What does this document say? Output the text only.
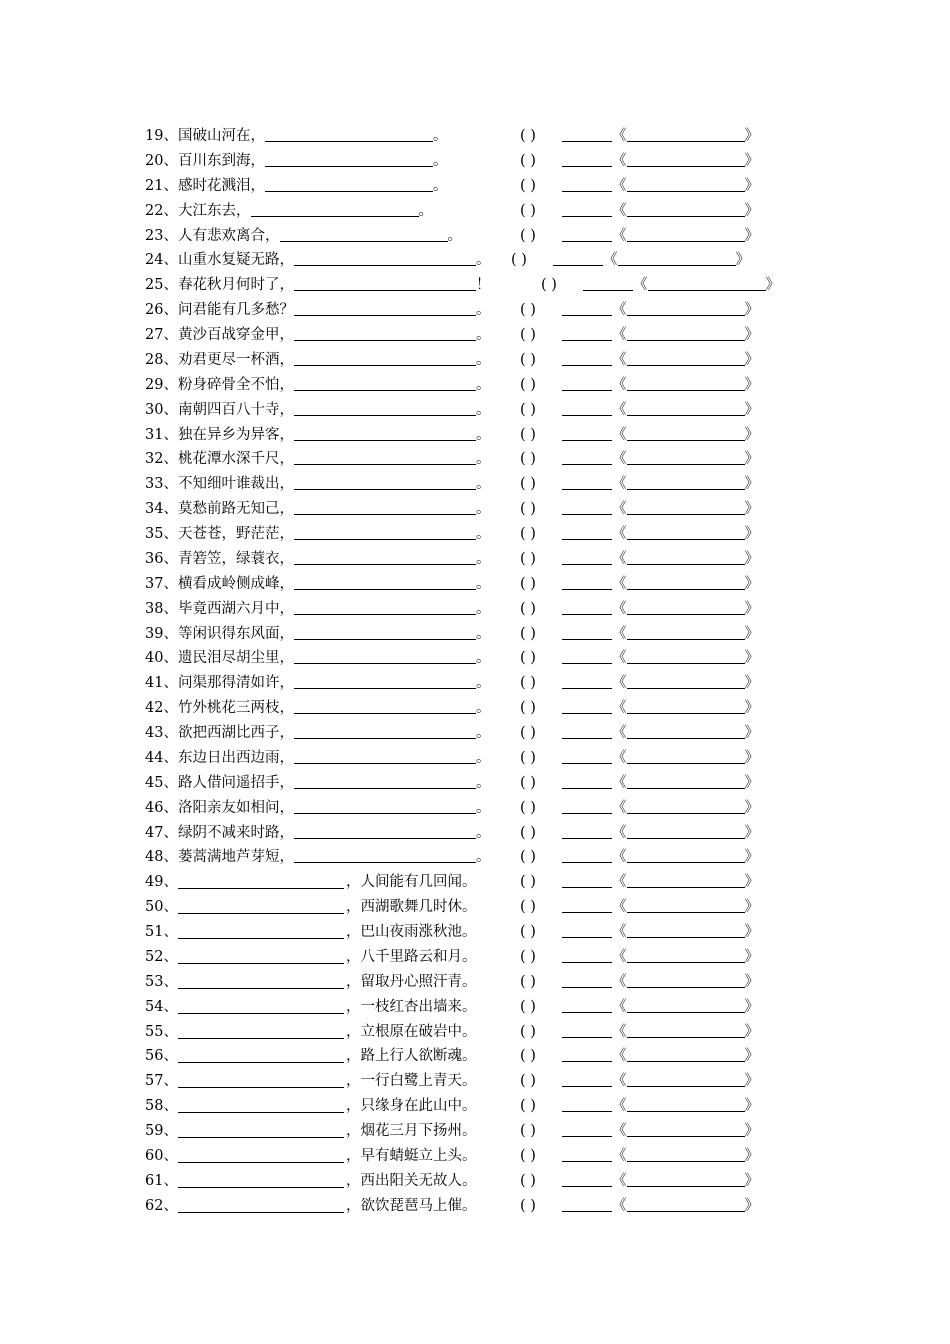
19、 国破山河在，	。	( )	《	》
20、 百川东到海，	。	( )	《	》
21、 感时花溅泪，	。	( )	《	》
22、 大江东去，	。	( )	《	》
23、 人有悲欢离合，	。	( )	《	》
24、 山重水复疑无路，	。 ( )	《	》
25、 春花秋月何时了，	！	( )	《	》
26、 问君能有几多愁？	。 ( )	《	》
27、 黄沙百战穿金甲，	。 ( )	《	》
28、 劝君更尽一杯酒，	。 ( )	《	》
29、 粉身碎骨全不怕，	。 ( )	《	》
30、 南朝四百八十寺，	。 ( )	《	》
31、 独在异乡为异客，	。 ( )	《	》
32、 桃花潭水深千尺，	。 ( )	《	》
33、 不知细叶谁裁出，	。 ( )	《	》
34、 莫愁前路无知己，	。 ( )	《	》
35、 天苍苍，野茫茫，	。 ( )	《	》
36、 青箬笠，绿蓑衣，	。 ( )	《	》
37、 横看成岭侧成峰，	。 ( )	《	》
38、 毕竟西湖六月中，	。 ( )	《	》
39、 等闲识得东风面，	。 ( )	《	》
40、 遗民泪尽胡尘里，	。 ( )	《	》
41、 问渠那得清如许，	。 ( )	《	》
42、 竹外桃花三两枝，	。 ( )	《	》
43、 欲把西湖比西子，	。 ( )	《	》
44、 东边日出西边雨，	。 ( )	《	》
45、 路人借问遥招手，	。 ( )	《	》
46、 洛阳亲友如相问，	。 ( )	《	》
47、 绿阴不减来时路，	。 ( )	《	》
48、 蒌蒿满地芦芽短，	。 ( )	《	》
49、	，人间能有几回闻。	( )	《	》
50、	，西湖歌舞几时休。	( )	《	》
51、	，巴山夜雨涨秋池。	( )	《	》
52、	，八千里路云和月。	( )	《	》
53、	，留取丹心照汗青。	( )	《	》
54、	，一枝红杏出墙来。	( )	《	》
55、	，立根原在破岩中。	( )	《	》
56、	，路上行人欲断魂。	( )	《	》
57、	，一行白鹭上青天。	( )	《	》
58、	，只缘身在此山中。	( )	《	》
59、	，烟花三月下扬州。	( )	《	》
60、	，早有蜻蜓立上头。	( )	《	》
61、	，西出阳关无故人。	( )	《	》
62、	，欲饮琵琶马上催。	( )	《	》
